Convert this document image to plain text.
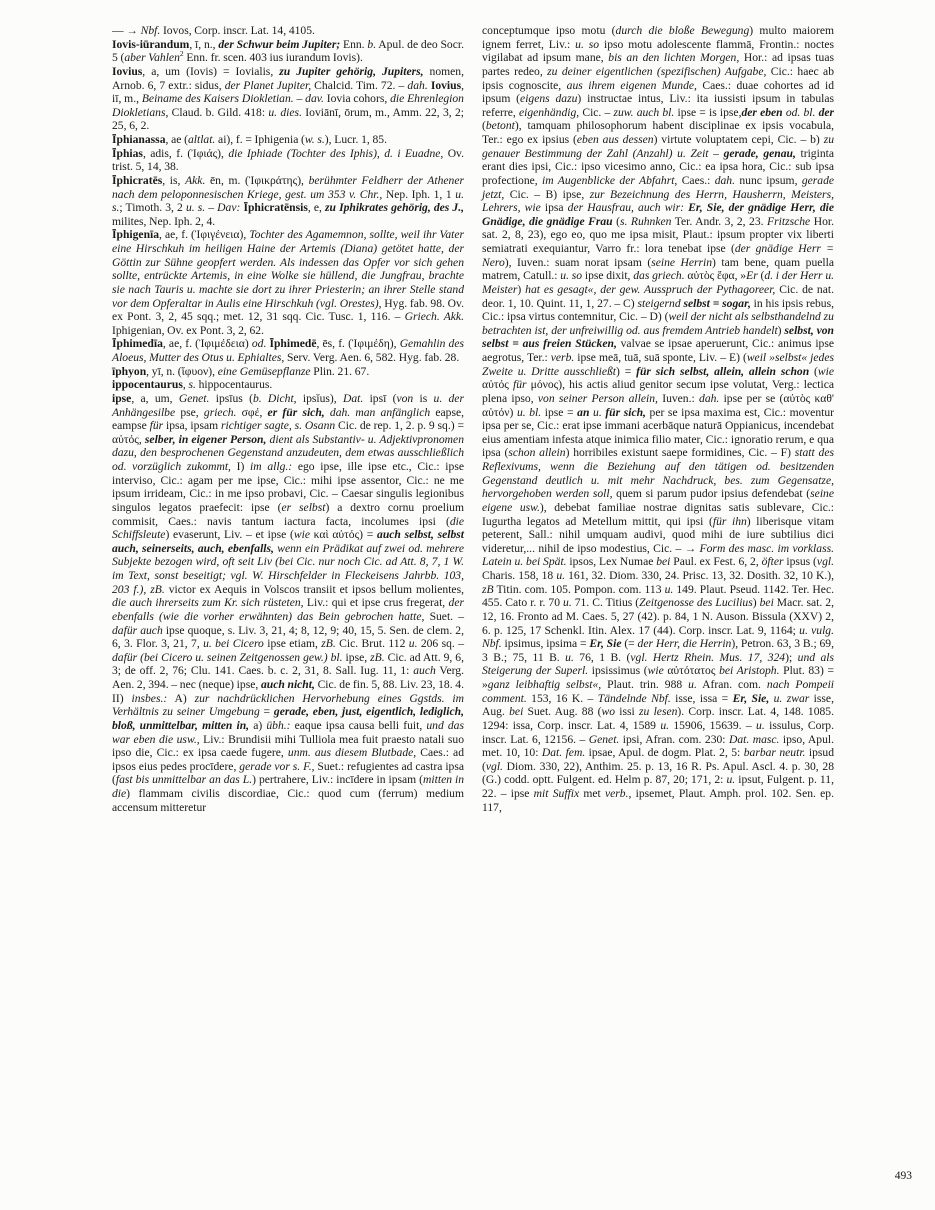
— → Nbf. Iovos, Corp. inscr. Lat. 14, 4105.

Iovis-iūrandum, ī, n., der Schwur beim Jupiter; Enn. b. Apul. de deo Socr. 5 (aber Vahlen$^2$ Enn. fr. scen. 403 ius iurandum Iovis).

Iovius, a, um (Iovis) = Iovialis, zu Jupiter gehörig, Jupiters, nomen, Arnob. 6, 7 extr.: sidus, der Planet Jupiter, Chalcid. Tim. 72. – dah. Iovius, iī, m., Beiname des Kaisers Diokletian. – dav. Iovia cohors, die Ehrenlegion Diokletians, Claud. b. Gild. 418: u. dies. Ioviānī, ōrum, m., Amm. 22, 3, 2; 25, 6, 2.

Īphianassa, ae (altlat. ai), f. = Iphigenia (w. s.), Lucr. 1, 85.

Īphias, adis, f. (Ἰφιάς), die Iphiade (Tochter des Iphis), d. i Euadne, Ov. trist. 5, 14, 38.

Īphicratēs, is, Akk. ēn, m. (Ἰφικράτης), berühmter Feldherr der Athener nach dem peloponnesischen Kriege, gest. um 353 v. Chr., Nep. Iph. 1, 1 u. s.; Timoth. 3, 2 u. s. – Dav: Īphicratēnsis, e, zu Iphikrates gehörig, des J., milites, Nep. Iph. 2, 4.

Īphigenīa, ae, f. (Ἰφιγένεια), Tochter des Agamemnon, sollte, weil ihr Vater eine Hirschkuh im heiligen Haine der Artemis (Diana) getötet hatte, der Göttin zur Sühne geopfert werden. Als indessen das Opfer vor sich gehen sollte, entrückte Artemis, in eine Wolke sie hüllend, die Jungfrau, brachte sie nach Tauris u. machte sie dort zu ihrer Priesterin; an ihrer Stelle stand vor dem Opferaltar in Aulis eine Hirschkuh (vgl. Orestes), Hyg. fab. 98. Ov. ex Pont. 3, 2, 45 sqq.; met. 12, 31 sqq. Cic. Tusc. 1, 116. – Griech. Akk. Iphigenian, Ov. ex Pont. 3, 2, 62.

Īphimedīa, ae, f. (Ἰφιμέδεια) od. Īphimedē, ēs, f. (Ἰφιμέδη), Gemahlin des Aloeus, Mutter des Otus u. Ephialtes, Serv. Verg. Aen. 6, 582. Hyg. fab. 28.

īphyon, yī, n. (ἴφυον), eine Gemüsepflanze Plin. 21. 67.

ippocentaurus, s. hippocentaurus.

ipse, a, um, Genet. ipsīus (b. Dicht, ipsĭus), Dat. ipsī (von is u. der Anhängesilbe pse, griech. σφέ, er für sich, dah. man anfänglich eapse, eampse für ipsa, ipsam richtiger sagte, s. Osann Cic. de rep. 1, 2. p. 9 sq.) = αὐτός, selber, in eigener Person, dient als Substantiv- u. Adjektivpronomen dazu, den besprochenen Gegenstand anzudeuten, dem etwas ausschließlich od. vorzüglich zukommt, I) im allg.: ego ipse, ille ipse etc., Cic.: ipse interviso, Cic.: agam per me ipse, Cic.: mihi ipse assentor, Cic.: ne me ipsum irrideam, Cic.: in me ipso probavi, Cic. – Caesar singulis legionibus singulos legatos praefecit: ipse (er selbst) a dextro cornu proelium commisit, Caes.: navis tantum iactura facta, incolumes ipsi (die Schiffsleute) evaserunt, Liv. – et ipse (wie καὶ αὐτός) = auch selbst, selbst auch, seinerseits, auch, ebenfalls, wenn ein Prädikat auf zwei od. mehrere Subjekte bezogen wird, oft seit Liv (bei Cic. nur noch Cic. ad Att. 8, 7, 1 W. im Text, sonst beseitigt; vgl. W. Hirschfelder in Fleckeisens Jahrbb. 103, 203 f.), zB. victor ex Aequis in Volscos transiit et ipsos bellum molientes, die auch ihrerseits zum Kr. sich rüsteten, Liv.: qui et ipse crus fregerat, der ebenfalls (wie die vorher erwähnten) das Bein gebrochen hatte, Suet. – dafür auch ipse quoque, s. Liv. 3, 21, 4; 8, 12, 9; 40, 15, 5. Sen. de clem. 2, 6, 3. Flor. 3, 21, 7, u. bei Cicero ipse etiam, zB. Cic. Brut. 112 u. 206 sq. – dafür (bei Cicero u. seinen Zeitgenossen gew.) bl. ipse, zB. Cic. ad Att. 9, 6, 3; de off. 2, 76; Clu. 141. Caes. b. c. 2, 31, 8. Sall. Iug. 11, 1: auch Verg. Aen. 2, 394. – nec (neque) ipse, auch nicht, Cic. de fin. 5, 88. Liv. 23, 18. 4.

II) insbes.: A) zur nachdrücklichen Hervorhebung eines Ggstds. im Verhältnis zu seiner Umgebung = gerade, eben, just, eigentlich, lediglich, bloß, unmittelbar, mitten in, a) übh.: eaque ipsa causa belli fuit, und das war eben die usw., Liv.: Brundisii mihi Tulliola mea fuit praesto natali suo ipso die, Cic.: ex ipsa caede fugere, unm. aus diesem Blutbade, Caes.: ad ipsos eius pedes procīdere, gerade vor s. F., Suet.: refugientes ad castra ipsa (fast bis unmittelbar an das L.) pertrahere, Liv.: incīdere in ipsam (mitten in die) flammam civilis discordiae, Cic.: quod cum (ferrum) medium accensum mitteretur

conceptumque ipso motu (durch die bloße Bewegung) multo maiorem ignem ferret, Liv.: u. so ipso motu adolescente flammā, Frontin.: noctes vigilabat ad ipsum mane, bis an den lichten Morgen, Hor.: ad ipsas tuas partes redeo, zu deiner eigentlichen (spezifischen) Aufgabe, Cic.: haec ab ipsis cognoscite, aus ihrem eigenen Munde, Caes.: duae cohortes ad id ipsum (eigens dazu) instructae intus, Liv.: ita iussisti ipsum in tabulas referre, eigenhändig, Cic. – zuw. auch bl. ipse = is ipse,der eben od. bl. der (betont), tamquam philosophorum habent disciplinae ex ipsis vocabula, Ter.: ego ex ipsius (eben aus dessen) virtute voluptatem cepi, Cic. – b) zu genauer Bestimmung der Zahl (Anzahl) u. Zeit – gerade, genau, triginta erant dies ipsi, Cic.: ipso vicesimo anno, Cic.: ea ipsa hora, Cic.: sub ipsa profectione, im Augenblicke der Abfahrt, Caes.: dah. nunc ipsum, gerade jetzt, Cic. – B) ipse, zur Bezeichnung des Herrn, Hausherrn, Meisters, Lehrers, wie ipsa der Hausfrau, auch wir: Er, Sie, der gnädige Herr, die Gnädige, die gnädige Frau (s. Ruhnken Ter. Andr. 3, 2, 23. Fritzsche Hor. sat. 2, 8, 23), ego eo, quo me ipsa misit, Plaut.: ipsum propter vix liberti semiatrati exequiantur, Varro fr.: lora tenebat ipse (der gnädige Herr = Nero), Iuven.: suam norat ipsam (seine Herrin) tam bene, quam puella matrem, Catull.: u. so ipse dixit, das griech. αὐτὸς ἔφα, »Er (d. i der Herr u. Meister) hat es gesagt«, der gew. Ausspruch der Pythagoreer, Cic. de nat. deor. 1, 10. Quint. 11, 1, 27. – C) steigernd selbst = sogar, in his ipsis rebus, Cic.: ipsa virtus contemnitur, Cic. – D) (weil der nicht als selbsthandelnd zu betrachten ist, der unfreiwillig od. aus fremdem Antrieb handelt) selbst, von selbst = aus freien Stücken, valvae se ipsae aperuerunt, Cic.: animus ipse aegrotus, Ter.: verb. ipse meā, tuā, suā sponte, Liv. – E) (weil »selbst« jedes Zweite u. Dritte ausschließt) = für sich selbst, allein, allein schon (wie αὐτός für μόνος), his actis aliud genitor secum ipse volutat, Verg.: lectica plena ipso, von seiner Person allein, Iuven.: dah. ipse per se (αὐτὸς καθ' αὑτόν) u. bl. ipse = an u. für sich, per se ipsa maxima est, Cic.: moventur ipsa per se, Cic.: erat ipse immani acerbāque naturā Oppianicus, incendebat eius amentiam infesta atque inimica filio mater, Cic.: ignoratio rerum, e qua ipsa (schon allein) horribiles existunt saepe formidines, Cic. – F) statt des Reflexivums, wenn die Beziehung auf den tätigen od. besitzenden Gegenstand deutlich u. mit mehr Nachdruck, bes. zum Gegensatze, hervorgehoben werden soll, quem si parum pudor ipsius defendebat (seine eigene usw.), debebat familiae nostrae dignitas satis sublevare, Cic.: Iugurtha legatos ad Metellum mittit, qui ipsi (für ihn) liberisque vitam peterent, Sall.: nihil umquam audivi, quod mihi de iure subtilius dici videretur,... nihil de ipso modestius, Cic. – → Form des masc. im vorklass. Latein u. bei Spät. ipsos, Lex Numae bei Paul. ex Fest. 6, 2, öfter ipsus (vgl. Charis. 158, 18 u. 161, 32. Diom. 330, 24. Prisc. 13, 32. Dosith. 32, 10 K.), zB Titin. com. 105. Pompon. com. 113 u. 149. Plaut. Pseud. 1142. Ter. Hec. 455. Cato r. r. 70 u. 71. C. Titius (Zeitgenosse des Lucilius) bei Macr. sat. 2, 12, 16. Fronto ad M. Caes. 5, 27 (42). p. 84, 1 N. Auson. Bissula (XXV) 2, 6. p. 125, 17 Schenkl. Itin. Alex. 17 (44). Corp. inscr. Lat. 9, 1164; u. vulg. Nbf. ipsimus, ipsima = Er, Sie (= der Herr, die Herrin), Petron. 63, 3 B.; 69, 3 B.; 75, 11 B. u. 76, 1 B. (vgl. Hertz Rhein. Mus. 17, 324); und als Steigerung der Superl. ipsissimus (wie αὐτότατος bei Aristoph. Plut. 83) = »ganz leibhaftig selbst«, Plaut. trin. 988 u. Afran. com. nach Pompeii comment. 153, 16 K. – Tändelnde Nbf. isse, issa = Er, Sie, u. zwar isse, Aug. bei Suet. Aug. 88 (wo issi zu lesen). Corp. inscr. Lat. 4, 148. 1085. 1294: issa, Corp. inscr. Lat. 4, 1589 u. 15906, 15639. – u. issulus, Corp. inscr. Lat. 6, 12156. – Genet. ipsi, Afran. com. 230: Dat. masc. ipso, Apul. met. 10, 10: Dat. fem. ipsae, Apul. de dogm. Plat. 2, 5: barbar neutr. ipsud (vgl. Diom. 330, 22), Anthim. 25. p. 13, 16 R. Ps. Apul. Ascl. 4. p. 30, 28 (G.) codd. optt. Fulgent. ed. Helm p. 87, 20; 171, 2: u. ipsut, Fulgent. p. 11, 22. – ipse mit Suffix met verb., ipsemet, Plaut. Amph. prol. 102. Sen. ep. 117,

493
